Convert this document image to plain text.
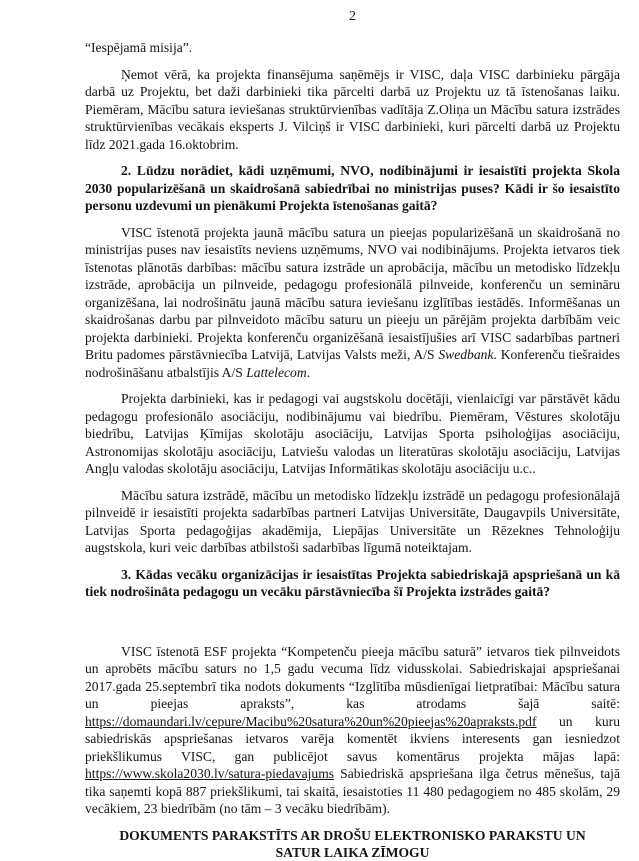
2

“Iespējamā misija”.

Ņemot vērā, ka projekta finansējuma saņēmējs ir VISC, daļa VISC darbinieku pārgāja darbā uz Projektu, bet daži darbinieki tika pārcelti darbā uz Projektu uz tā īstenošanas laiku. Piemēram, Mācību satura ieviešanas struktūrvienības vadītāja Z.Oliņa un Mācību satura izstrādes struktūrvienības vecākais eksperts J. Vilciņš ir VISC darbinieki, kuri pārcelti darbā uz Projektu līdz 2021.gada 16.oktobrim.

2. Lūdzu norādiet, kādi uzņēmumi, NVO, nodibinājumi ir iesaistīti projekta Skola 2030 popularizēšanā un skaidrošanā sabiedrībai no ministrijas puses? Kādi ir šo iesaistīto personu uzdevumi un pienākumi Projekta īstenošanas gaitā?

VISC īstenotā projekta jaunā mācību satura un pieejas popularizēšanā un skaidrošanā no ministrijas puses nav iesaistīts neviens uzņēmums, NVO vai nodibinājums. Projekta ietvaros tiek īstenotas plānotās darbības: mācību satura izstrāde un aprobācija, mācību un metodisko līdzekļu izstrāde, aprobācija un pilnveide, pedagogu profesionālā pilnveide, konferenču un semināru organizēšana, lai nodrošinātu jaunā mācību satura ieviešanu izglītības iestādēs. Informēšanas un skaidrošanas darbu par pilnveidoto mācību saturu un pieeju un pārējām projekta darbībām veic projekta darbinieki. Projekta konferenču organizēšanā iesaistījušies arī VISC sadarbības partneri Britu padomes pārstāvniecība Latvijā, Latvijas Valsts meži, A/S Swedbank. Konferenču tiešraides nodrošināšanu atbalstījis A/S Lattelecom.

Projekta darbinieki, kas ir pedagogi vai augstskolu docētāji, vienlaicīgi var pārstāvēt kādu pedagogu profesionālo asociāciju, nodibinājumu vai biedrību. Piemēram, Vēstures skolotāju biedrību, Latvijas Ķīmijas skolotāju asociāciju, Latvijas Sporta psiholoģijas asociāciju, Astronomijas skolotāju asociāciju, Latviešu valodas un literatūras skolotāju asociāciju, Latvijas Angļu valodas skolotāju asociāciju, Latvijas Informātikas skolotāju asociāciju u.c..

Mācību satura izstrādē, mācību un metodisko līdzekļu izstrādē un pedagogu profesionālajā pilnveidē ir iesaistīti projekta sadarbības partneri Latvijas Universitāte, Daugavpils Universitāte, Latvijas Sporta pedagoģijas akadēmija, Liepājas Universitāte un Rēzeknes Tehnoloģiju augstskola, kuri veic darbības atbilstoši sadarbības līgumā noteiktajam.

3. Kādas vecāku organizācijas ir iesaistītas Projekta sabiedriskajā apspriešanā un kā tiek nodrošināta pedagogu un vecāku pārstāvniecība šī Projekta izstrādes gaitā?

VISC īstenotā ESF projekta “Kompetenču pieeja mācību saturā” ietvaros tiek pilnveidots un aprobēts mācību saturs no 1,5 gadu vecuma līdz vidusskolai. Sabiedriskajai apspriešanai 2017.gada 25.septembrī tika nodots dokuments “Izglītība mūsdienīgai lietpratībai: Mācību satura un pieejas apraksts”, kas atrodams šajā saitē: https://domaundari.lv/cepure/Macibu%20satura%20un%20pieejas%20apraksts.pdf un kuru sabiedriskās apspriešanas ietvaros varēja komentēt ikviens interesents gan iesniedzot priekšlikumus VISC, gan publicējot savus komentārus projekta mājas lapā: https://www.skola2030.lv/satura-piedavajums Sabiedriskā apspriešana ilga četrus mēnešus, tajā tika saņemti kopā 887 priekšlikumi, tai skaitā, iesaistoties 11 480 pedagogiem no 485 skolām, 29 vecākiem, 23 biedrībām (no tām – 3 vecāku biedrībām).

DOKUMENTS PARAKSTĪTS AR DROŠU ELEKTRONISKO PARAKSTU UN
SATUR LAIKA ZĪMOGU
